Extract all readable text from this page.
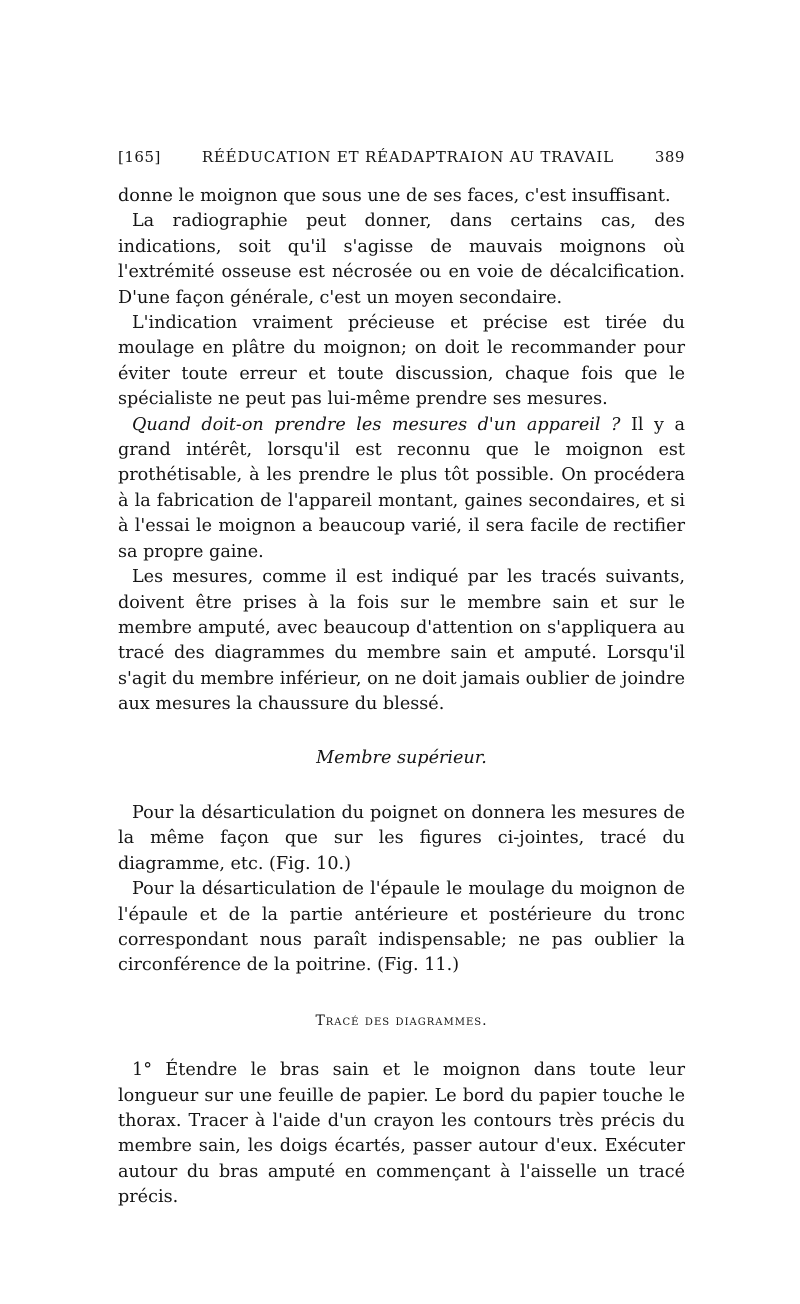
[165]	RÉÉDUCATION ET RÉADAPTRAION AU TRAVAIL	389

donne le moignon que sous une de ses faces, c'est insuffisant.

La radiographie peut donner, dans certains cas, des indications, soit qu'il s'agisse de mauvais moignons où l'extrémité osseuse est nécrosée ou en voie de décalcification. D'une façon générale, c'est un moyen secondaire.

L'indication vraiment précieuse et précise est tirée du moulage en plâtre du moignon; on doit le recommander pour éviter toute erreur et toute discussion, chaque fois que le spécialiste ne peut pas lui-même prendre ses mesures.

Quand doit-on prendre les mesures d'un appareil ? Il y a grand intérêt, lorsqu'il est reconnu que le moignon est prothétisable, à les prendre le plus tôt possible. On procédera à la fabrication de l'appareil montant, gaines secondaires, et si à l'essai le moignon a beaucoup varié, il sera facile de rectifier sa propre gaine.

Les mesures, comme il est indiqué par les tracés suivants, doivent être prises à la fois sur le membre sain et sur le membre amputé, avec beaucoup d'attention on s'appliquera au tracé des diagrammes du membre sain et amputé. Lorsqu'il s'agit du membre inférieur, on ne doit jamais oublier de joindre aux mesures la chaussure du blessé.

Membre supérieur.

Pour la désarticulation du poignet on donnera les mesures de la même façon que sur les figures ci-jointes, tracé du diagramme, etc. (Fig. 10.)

Pour la désarticulation de l'épaule le moulage du moignon de l'épaule et de la partie antérieure et postérieure du tronc correspondant nous paraît indispensable; ne pas oublier la circonférence de la poitrine. (Fig. 11.)

Tracé des diagrammes.

1° Étendre le bras sain et le moignon dans toute leur longueur sur une feuille de papier. Le bord du papier touche le thorax. Tracer à l'aide d'un crayon les contours très précis du membre sain, les doigs écartés, passer autour d'eux. Exécuter autour du bras amputé en commençant à l'aisselle un tracé précis.
